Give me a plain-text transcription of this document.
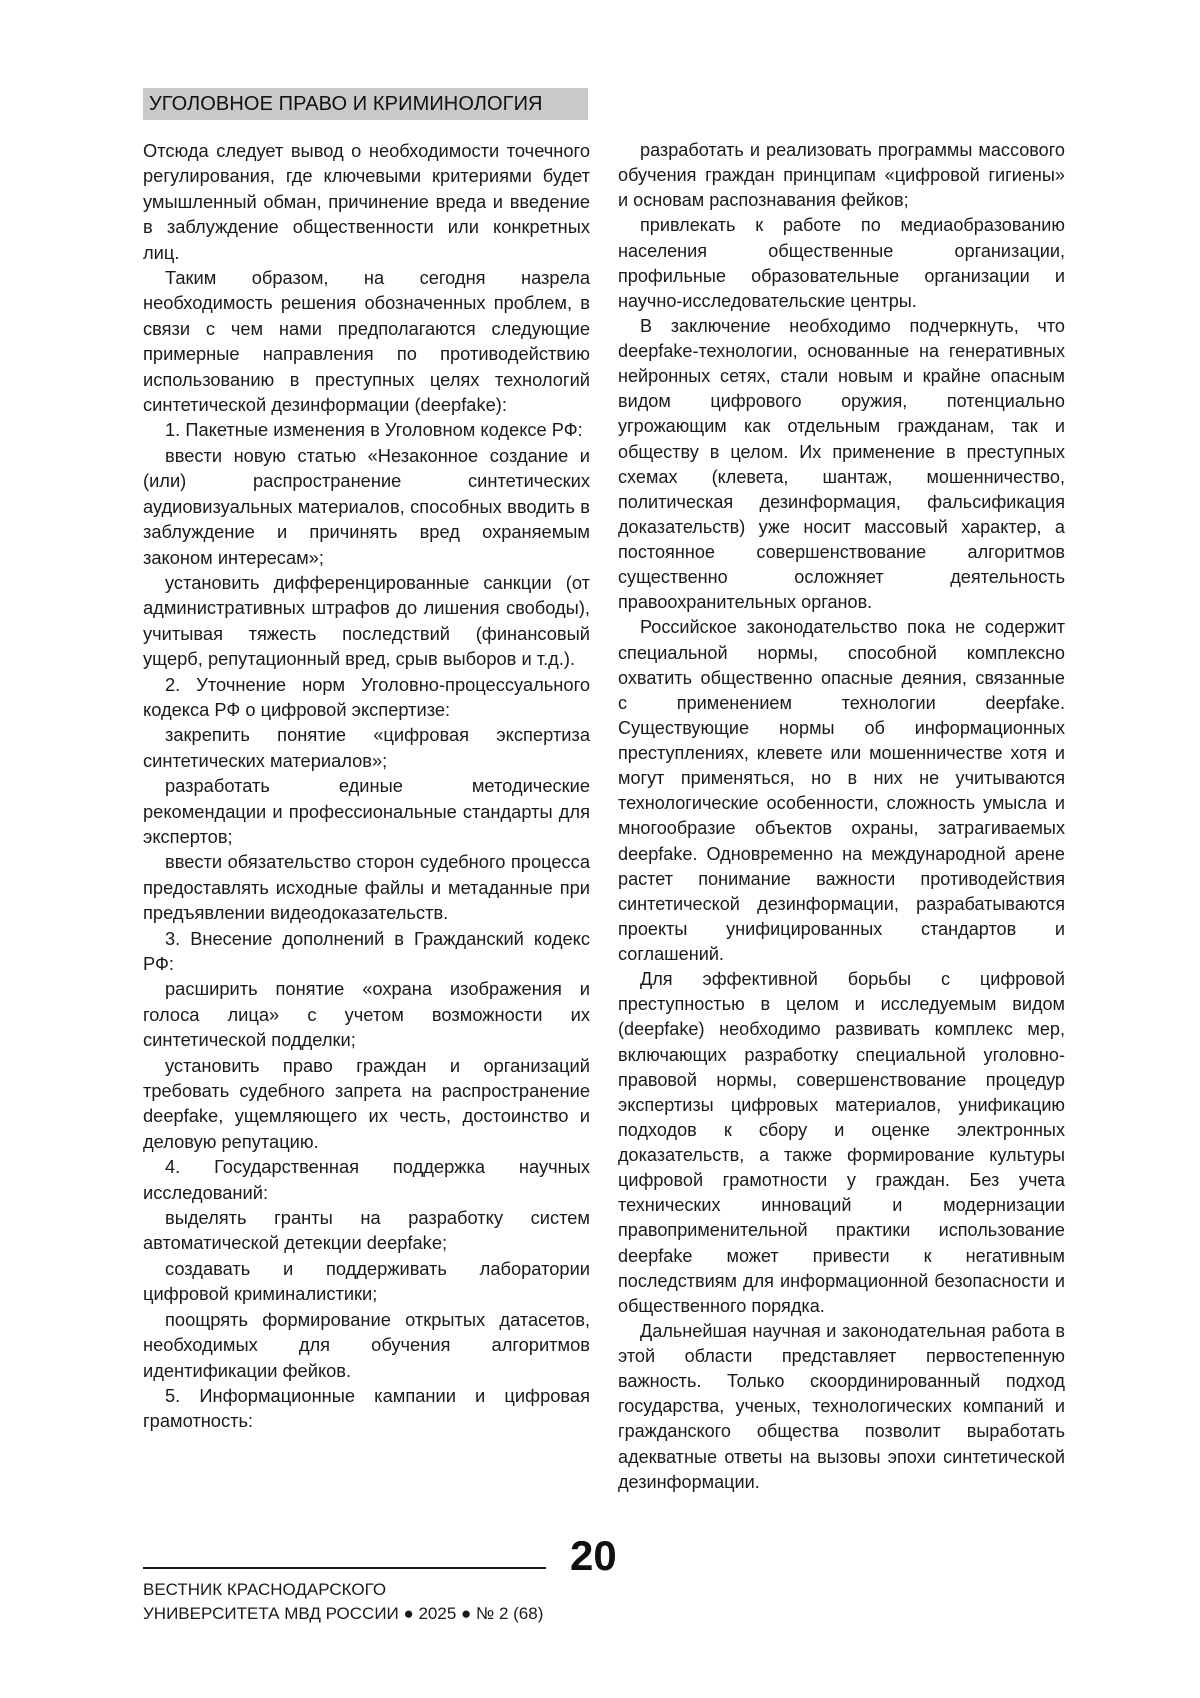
УГОЛОВНОЕ ПРАВО И КРИМИНОЛОГИЯ

Отсюда следует вывод о необходимости точечного регулирования, где ключевыми критериями будет умышленный обман, причинение вреда и введение в заблуждение общественности или конкретных лиц.

Таким образом, на сегодня назрела необходимость решения обозначенных проблем, в связи с чем нами предполагаются следующие примерные направления по противодействию использованию в преступных целях технологий синтетической дезинформации (deepfake):

1. Пакетные изменения в Уголовном кодексе РФ:

ввести новую статью «Незаконное создание и (или) распространение синтетических аудиовизуальных материалов, способных вводить в заблуждение и причинять вред охраняемым законом интересам»;

установить дифференцированные санкции (от административных штрафов до лишения свободы), учитывая тяжесть последствий (финансовый ущерб, репутационный вред, срыв выборов и т.д.).

2. Уточнение норм Уголовно-процессуального кодекса РФ о цифровой экспертизе:

закрепить понятие «цифровая экспертиза синтетических материалов»;

разработать единые методические рекомендации и профессиональные стандарты для экспертов;

ввести обязательство сторон судебного процесса предоставлять исходные файлы и метаданные при предъявлении видеодоказательств.

3. Внесение дополнений в Гражданский кодекс РФ:

расширить понятие «охрана изображения и голоса лица» с учетом возможности их синтетической подделки;

установить право граждан и организаций требовать судебного запрета на распространение deepfake, ущемляющего их честь, достоинство и деловую репутацию.

4. Государственная поддержка научных исследований:

выделять гранты на разработку систем автоматической детекции deepfake;

создавать и поддерживать лаборатории цифровой криминалистики;

поощрять формирование открытых датасетов, необходимых для обучения алгоритмов идентификации фейков.

5. Информационные кампании и цифровая грамотность:

разработать и реализовать программы массового обучения граждан принципам «цифровой гигиены» и основам распознавания фейков;

привлекать к работе по медиаобразованию населения общественные организации, профильные образовательные организации и научно-исследовательские центры.

В заключение необходимо подчеркнуть, что deepfake-технологии, основанные на генеративных нейронных сетях, стали новым и крайне опасным видом цифрового оружия, потенциально угрожающим как отдельным гражданам, так и обществу в целом. Их применение в преступных схемах (клевета, шантаж, мошенничество, политическая дезинформация, фальсификация доказательств) уже носит массовый характер, а постоянное совершенствование алгоритмов существенно осложняет деятельность правоохранительных органов.

Российское законодательство пока не содержит специальной нормы, способной комплексно охватить общественно опасные деяния, связанные с применением технологии deepfake. Существующие нормы об информационных преступлениях, клевете или мошенничестве хотя и могут применяться, но в них не учитываются технологические особенности, сложность умысла и многообразие объектов охраны, затрагиваемых deepfake. Одновременно на международной арене растет понимание важности противодействия синтетической дезинформации, разрабатываются проекты унифицированных стандартов и соглашений.

Для эффективной борьбы с цифровой преступностью в целом и исследуемым видом (deepfake) необходимо развивать комплекс мер, включающих разработку специальной уголовно-правовой нормы, совершенствование процедур экспертизы цифровых материалов, унификацию подходов к сбору и оценке электронных доказательств, а также формирование культуры цифровой грамотности у граждан. Без учета технических инноваций и модернизации правоприменительной практики использование deepfake может привести к негативным последствиям для информационной безопасности и общественного порядка.

Дальнейшая научная и законодательная работа в этой области представляет первостепенную важность. Только скоординированный подход государства, ученых, технологических компаний и гражданского общества позволит выработать адекватные ответы на вызовы эпохи синтетической дезинформации.

20
ВЕСТНИК КРАСНОДАРСКОГО
УНИВЕРСИТЕТА МВД РОССИИ ● 2025 ● № 2 (68)
